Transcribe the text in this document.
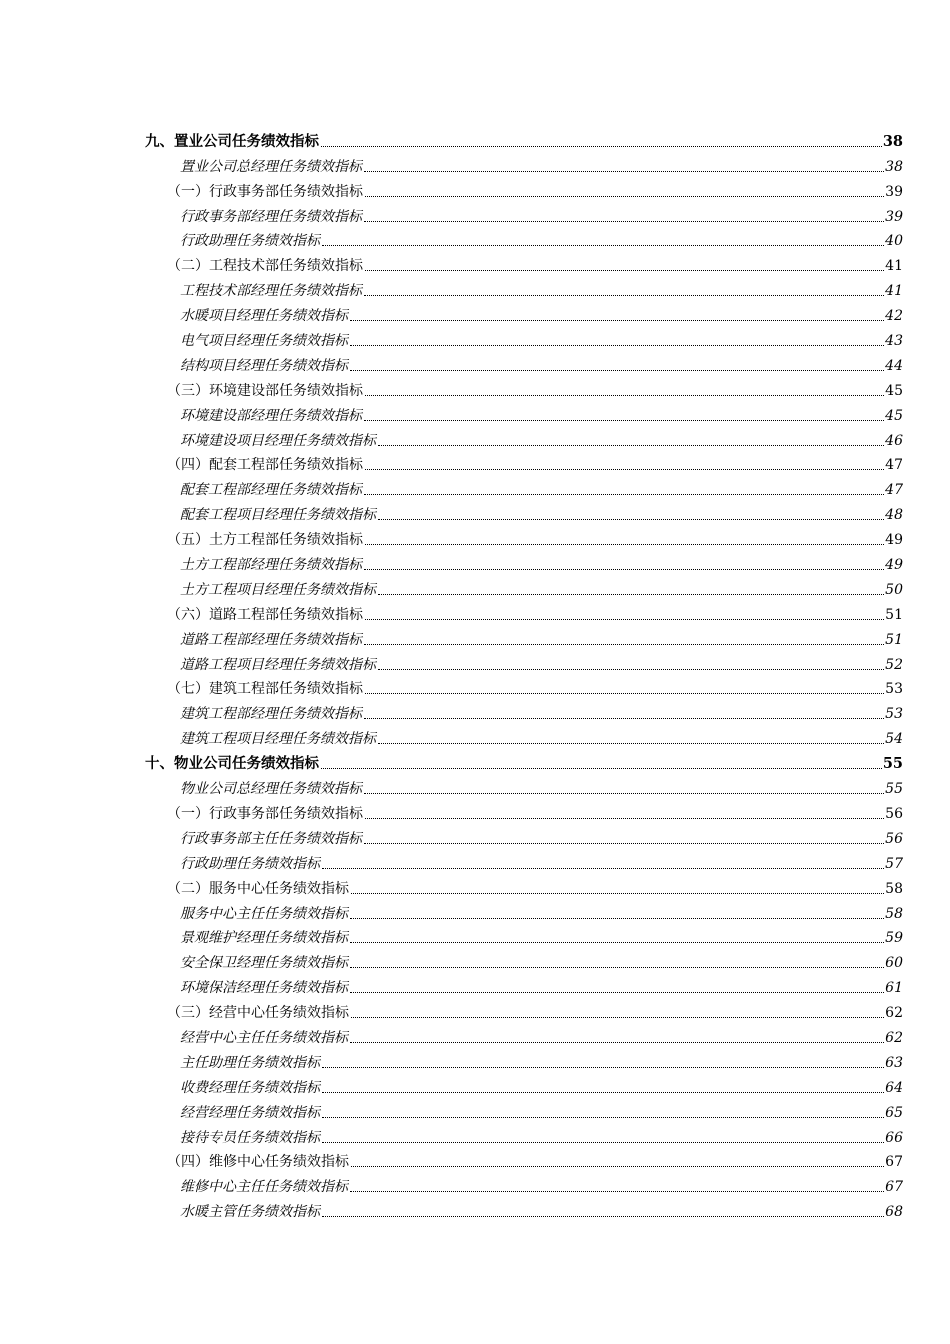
九、置业公司任务绩效指标	38
置业公司总经理任务绩效指标	38
（一）行政事务部任务绩效指标	39
行政事务部经理任务绩效指标	39
行政助理任务绩效指标	40
（二）工程技术部任务绩效指标	41
工程技术部经理任务绩效指标	41
水暖项目经理任务绩效指标	42
电气项目经理任务绩效指标	43
结构项目经理任务绩效指标	44
（三）环境建设部任务绩效指标	45
环境建设部经理任务绩效指标	45
环境建设项目经理任务绩效指标	46
（四）配套工程部任务绩效指标	47
配套工程部经理任务绩效指标	47
配套工程项目经理任务绩效指标	48
（五）土方工程部任务绩效指标	49
土方工程部经理任务绩效指标	49
土方工程项目经理任务绩效指标	50
（六）道路工程部任务绩效指标	51
道路工程部经理任务绩效指标	51
道路工程项目经理任务绩效指标	52
（七）建筑工程部任务绩效指标	53
建筑工程部经理任务绩效指标	53
建筑工程项目经理任务绩效指标	54
十、物业公司任务绩效指标	55
物业公司总经理任务绩效指标	55
（一）行政事务部任务绩效指标	56
行政事务部主任任务绩效指标	56
行政助理任务绩效指标	57
（二）服务中心任务绩效指标	58
服务中心主任任务绩效指标	58
景观维护经理任务绩效指标	59
安全保卫经理任务绩效指标	60
环境保洁经理任务绩效指标	61
（三）经营中心任务绩效指标	62
经营中心主任任务绩效指标	62
主任助理任务绩效指标	63
收费经理任务绩效指标	64
经营经理任务绩效指标	65
接待专员任务绩效指标	66
（四）维修中心任务绩效指标	67
维修中心主任任务绩效指标	67
水暖主管任务绩效指标	68
